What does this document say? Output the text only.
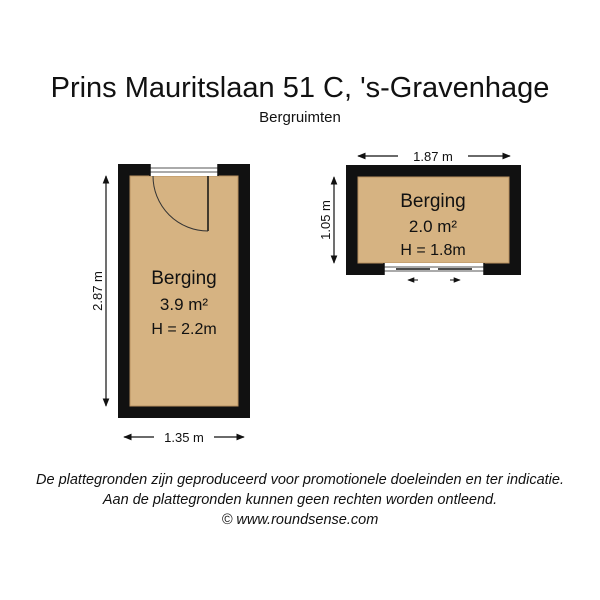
Prins Mauritslaan 51 C, 's-Gravenhage
Bergruimten
Berging
3.9 m²
H = 2.2m
2.87 m
1.35 m
Berging
2.0 m²
H = 1.8m
1.87 m
1.05 m
De plattegronden zijn geproduceerd voor promotionele doeleinden en ter indicatie.
Aan de plattegronden kunnen geen rechten worden ontleend.
© www.roundsense.com
